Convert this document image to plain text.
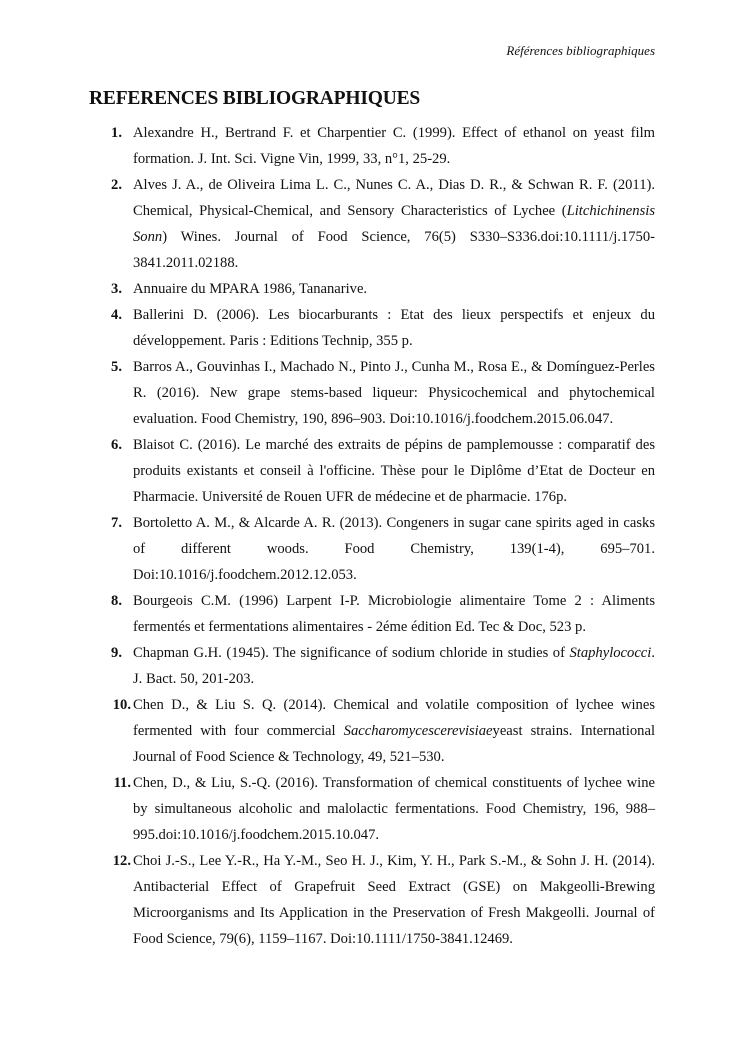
Références bibliographiques
REFERENCES BIBLIOGRAPHIQUES
1. Alexandre H., Bertrand F. et Charpentier C. (1999). Effect of ethanol on yeast film formation. J. Int. Sci. Vigne Vin, 1999, 33, n°1, 25-29.
2. Alves J. A., de Oliveira Lima L. C., Nunes C. A., Dias D. R., & Schwan R. F. (2011). Chemical, Physical-Chemical, and Sensory Characteristics of Lychee (Litchichinensis Sonn) Wines. Journal of Food Science, 76(5) S330–S336.doi:10.1111/j.1750-3841.2011.02188.
3. Annuaire du MPARA 1986, Tananarive.
4. Ballerini D. (2006). Les biocarburants : Etat des lieux perspectifs et enjeux du développement. Paris : Editions Technip, 355 p.
5. Barros A., Gouvinhas I., Machado N., Pinto J., Cunha M., Rosa E., & Domínguez-Perles R. (2016). New grape stems-based liqueur: Physicochemical and phytochemical evaluation. Food Chemistry, 190, 896–903. Doi:10.1016/j.foodchem.2015.06.047.
6. Blaisot C. (2016). Le marché des extraits de pépins de pamplemousse : comparatif des produits existants et conseil à l'officine. Thèse pour le Diplôme d’Etat de Docteur en Pharmacie. Université de Rouen UFR de médecine et de pharmacie. 176p.
7. Bortoletto A. M., & Alcarde A. R. (2013). Congeners in sugar cane spirits aged in casks of different woods. Food Chemistry, 139(1-4), 695–701. Doi:10.1016/j.foodchem.2012.12.053.
8. Bourgeois C.M. (1996) Larpent I-P. Microbiologie alimentaire Tome 2 : Aliments fermentés et fermentations alimentaires - 2éme édition Ed. Tec & Doc, 523 p.
9. Chapman G.H. (1945). The significance of sodium chloride in studies of Staphylococci. J. Bact. 50, 201-203.
10. Chen D., & Liu S. Q. (2014). Chemical and volatile composition of lychee wines fermented with four commercial Saccharomycescerevisiaeyeast strains. International Journal of Food Science & Technology, 49, 521–530.
11. Chen, D., & Liu, S.-Q. (2016). Transformation of chemical constituents of lychee wine by simultaneous alcoholic and malolactic fermentations. Food Chemistry, 196, 988–995.doi:10.1016/j.foodchem.2015.10.047.
12. Choi J.-S., Lee Y.-R., Ha Y.-M., Seo H. J., Kim, Y. H., Park S.-M., & Sohn J. H. (2014). Antibacterial Effect of Grapefruit Seed Extract (GSE) on Makgeolli-Brewing Microorganisms and Its Application in the Preservation of Fresh Makgeolli. Journal of Food Science, 79(6), 1159–1167. Doi:10.1111/1750-3841.12469.
